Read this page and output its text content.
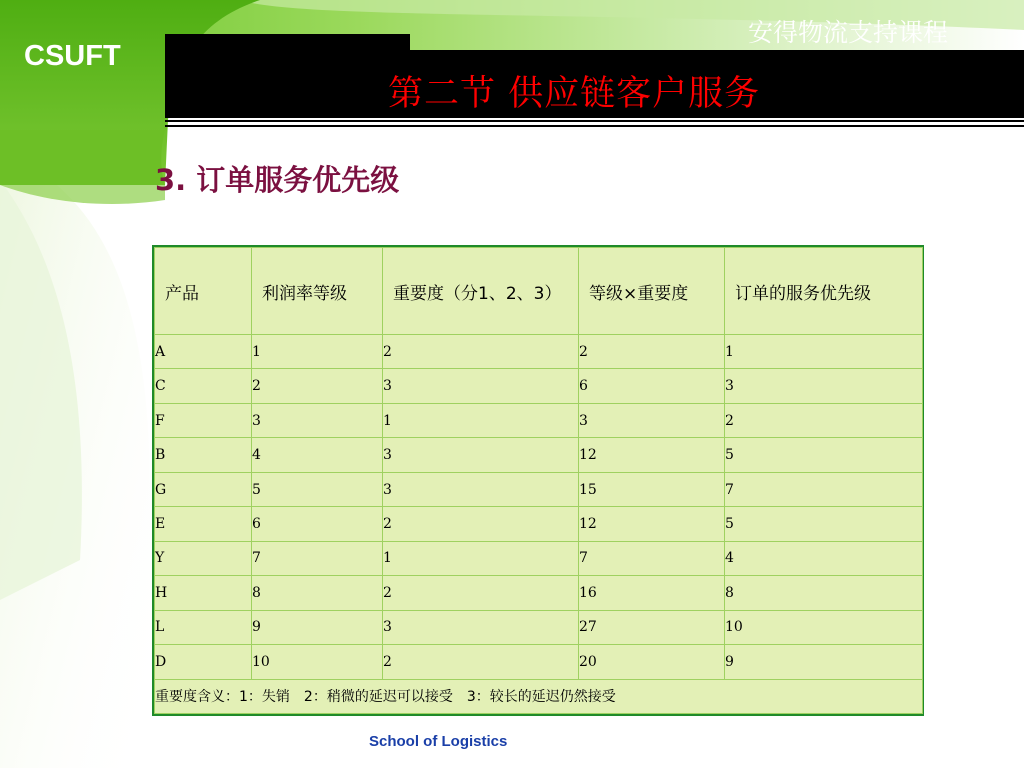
CSUFT
安得物流支持课程
第二节 供应链客户服务
3. 订单服务优先级
产品	利润率等级	重要度（分1、2、3）	等级×重要度	订单的服务优先级
A	1	2	2	1
C	2	3	6	3
F	3	1	3	2
B	4	3	12	5
G	5	3	15	7
E	6	2	12	5
Y	7	1	7	4
H	8	2	16	8
L	9	3	27	10
D	10	2	20	9
重要度含义：1：失销　2：稍微的延迟可以接受　3：较长的延迟仍然接受				
School of Logistics
